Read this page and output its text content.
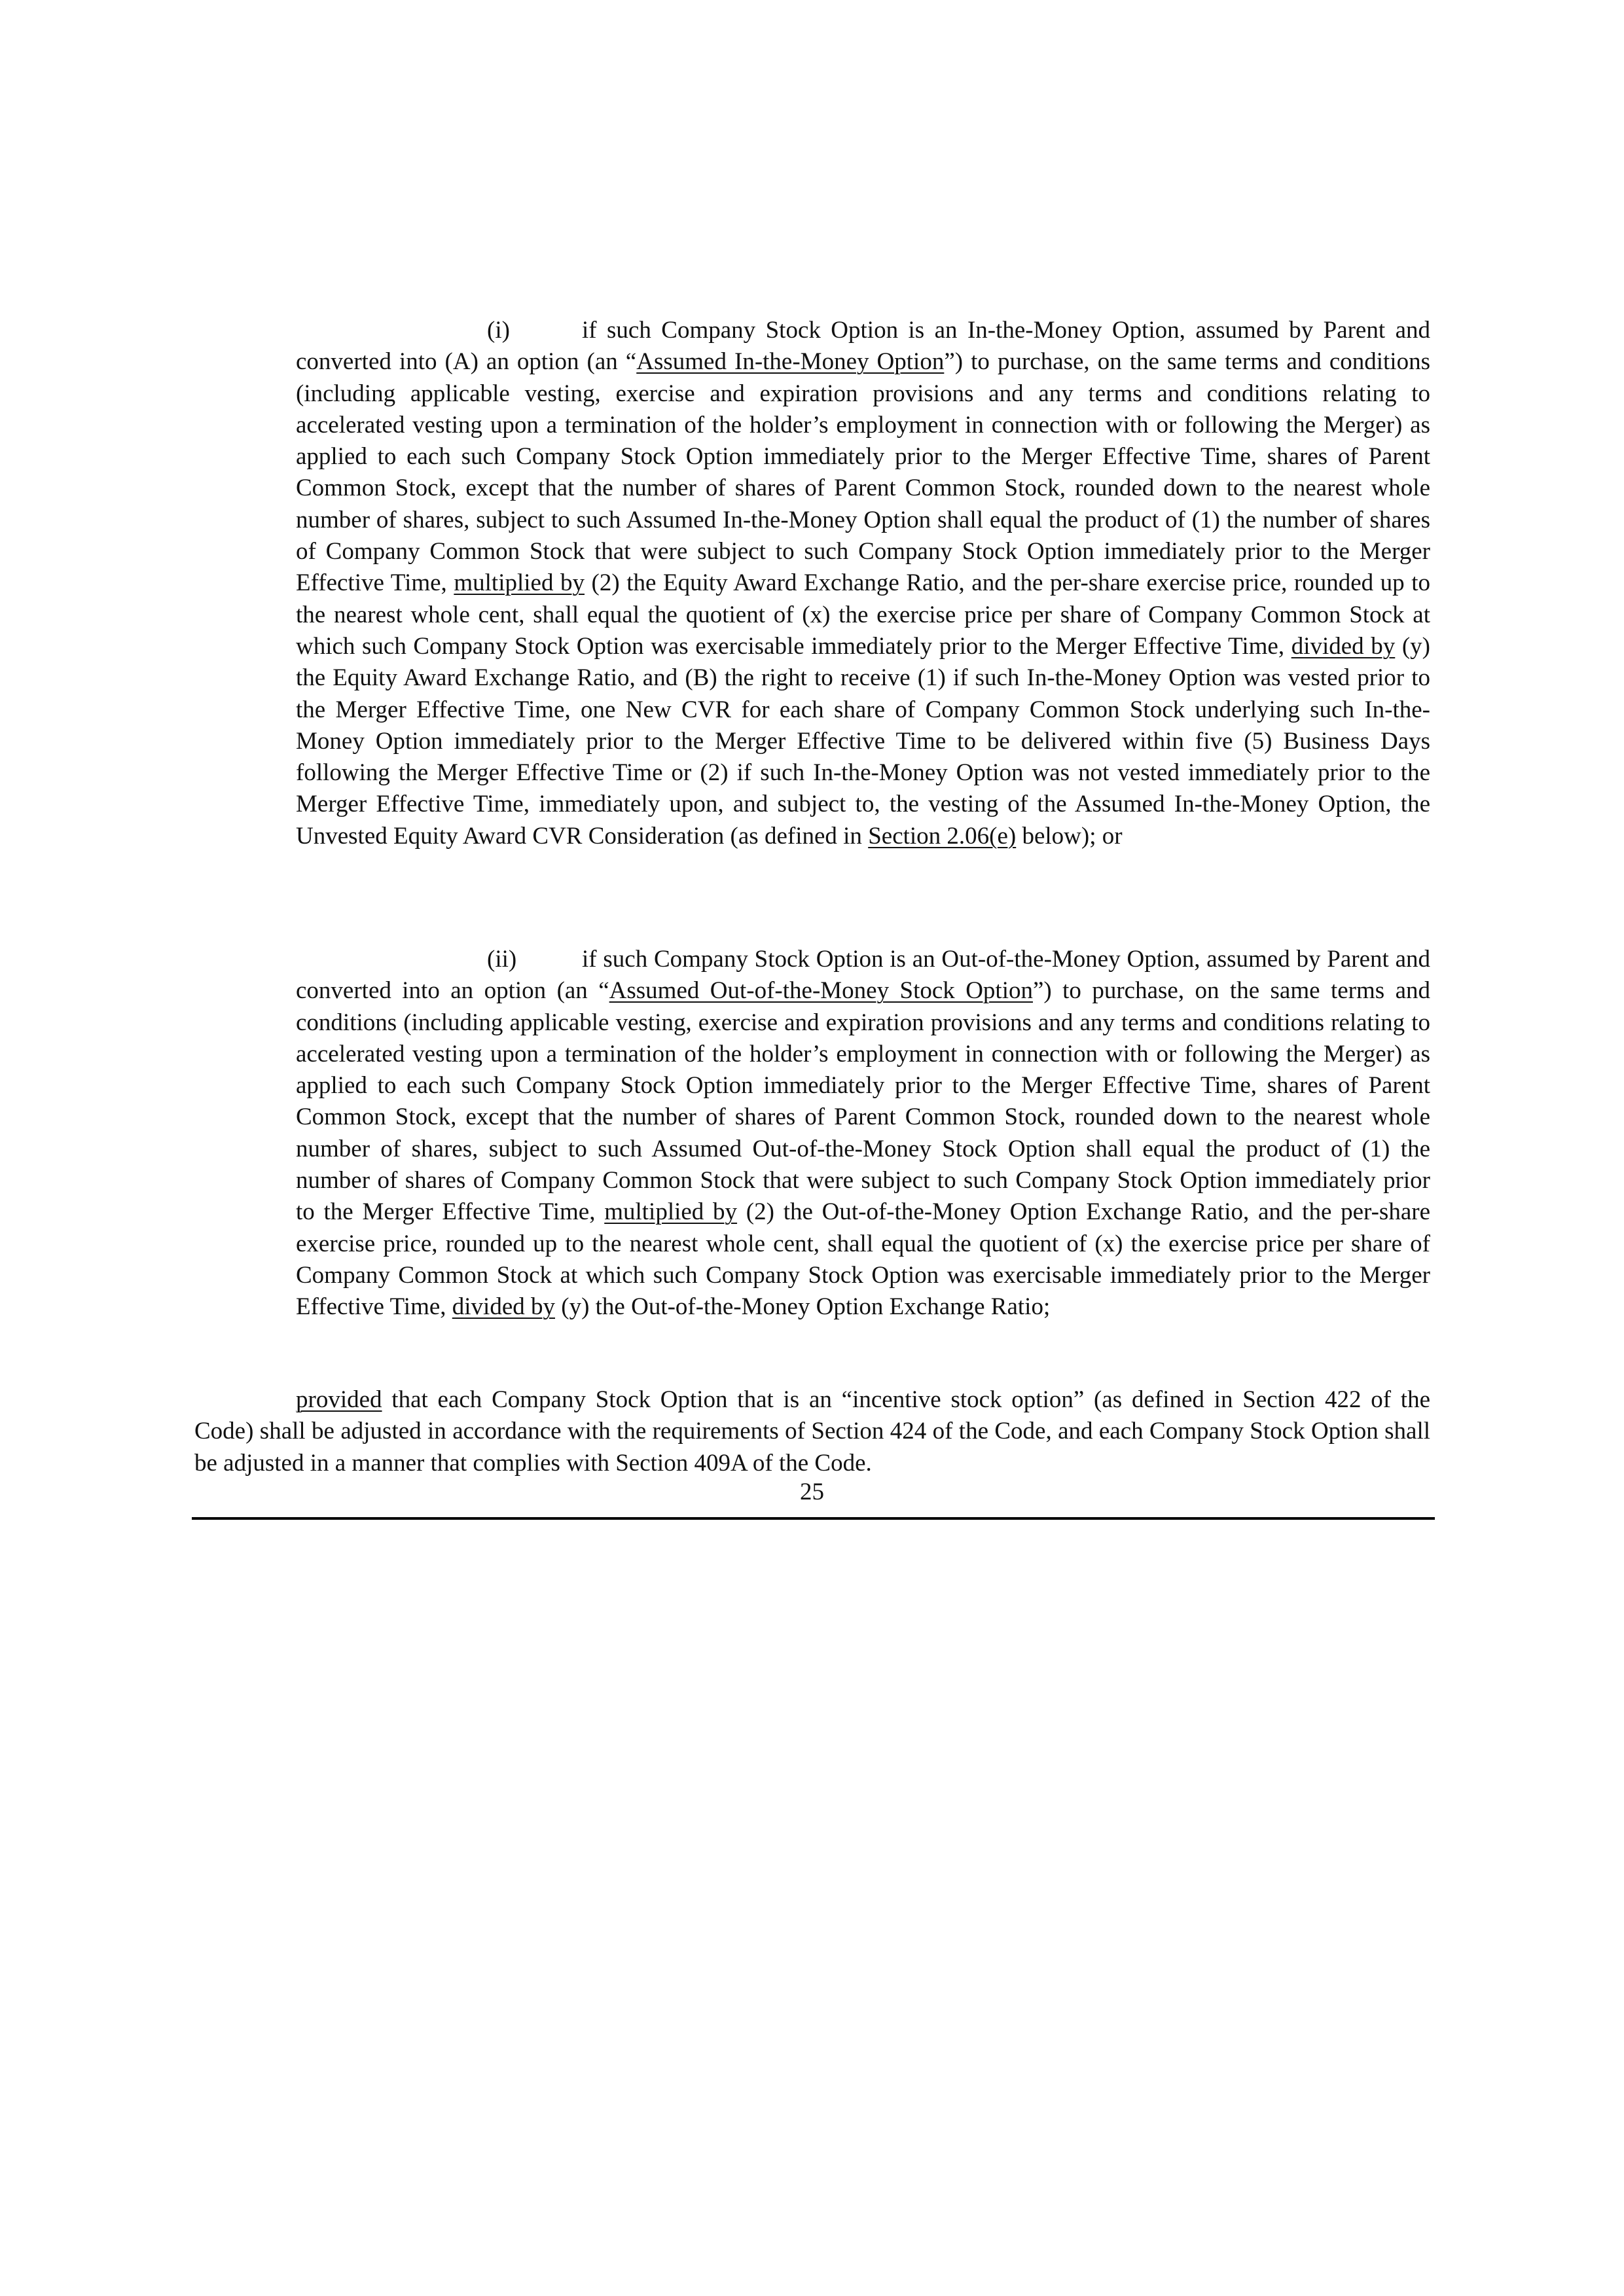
(i)	if such Company Stock Option is an In-the-Money Option, assumed by Parent and converted into (A) an option (an “Assumed In-the-Money Option”) to purchase, on the same terms and conditions (including applicable vesting, exercise and expiration provisions and any terms and conditions relating to accelerated vesting upon a termination of the holder’s employment in connection with or following the Merger) as applied to each such Company Stock Option immediately prior to the Merger Effective Time, shares of Parent Common Stock, except that the number of shares of Parent Common Stock, rounded down to the nearest whole number of shares, subject to such Assumed In-the-Money Option shall equal the product of (1) the number of shares of Company Common Stock that were subject to such Company Stock Option immediately prior to the Merger Effective Time, multiplied by (2) the Equity Award Exchange Ratio, and the per-share exercise price, rounded up to the nearest whole cent, shall equal the quotient of (x) the exercise price per share of Company Common Stock at which such Company Stock Option was exercisable immediately prior to the Merger Effective Time, divided by (y) the Equity Award Exchange Ratio, and (B) the right to receive (1) if such In-the-Money Option was vested prior to the Merger Effective Time, one New CVR for each share of Company Common Stock underlying such In-the-Money Option immediately prior to the Merger Effective Time to be delivered within five (5) Business Days following the Merger Effective Time or (2) if such In-the-Money Option was not vested immediately prior to the Merger Effective Time, immediately upon, and subject to, the vesting of the Assumed In-the-Money Option, the Unvested Equity Award CVR Consideration (as defined in Section 2.06(e) below); or

(ii)	if such Company Stock Option is an Out-of-the-Money Option, assumed by Parent and converted into an option (an “Assumed Out-of-the-Money Stock Option”) to purchase, on the same terms and conditions (including applicable vesting, exercise and expiration provisions and any terms and conditions relating to accelerated vesting upon a termination of the holder’s employment in connection with or following the Merger) as applied to each such Company Stock Option immediately prior to the Merger Effective Time, shares of Parent Common Stock, except that the number of shares of Parent Common Stock, rounded down to the nearest whole number of shares, subject to such Assumed Out-of-the-Money Stock Option shall equal the product of (1) the number of shares of Company Common Stock that were subject to such Company Stock Option immediately prior to the Merger Effective Time, multiplied by (2) the Out-of-the-Money Option Exchange Ratio, and the per-share exercise price, rounded up to the nearest whole cent, shall equal the quotient of (x) the exercise price per share of Company Common Stock at which such Company Stock Option was exercisable immediately prior to the Merger Effective Time, divided by (y) the Out-of-the-Money Option Exchange Ratio;

provided that each Company Stock Option that is an “incentive stock option” (as defined in Section 422 of the Code) shall be adjusted in accordance with the requirements of Section 424 of the Code, and each Company Stock Option shall be adjusted in a manner that complies with Section 409A of the Code.

25
